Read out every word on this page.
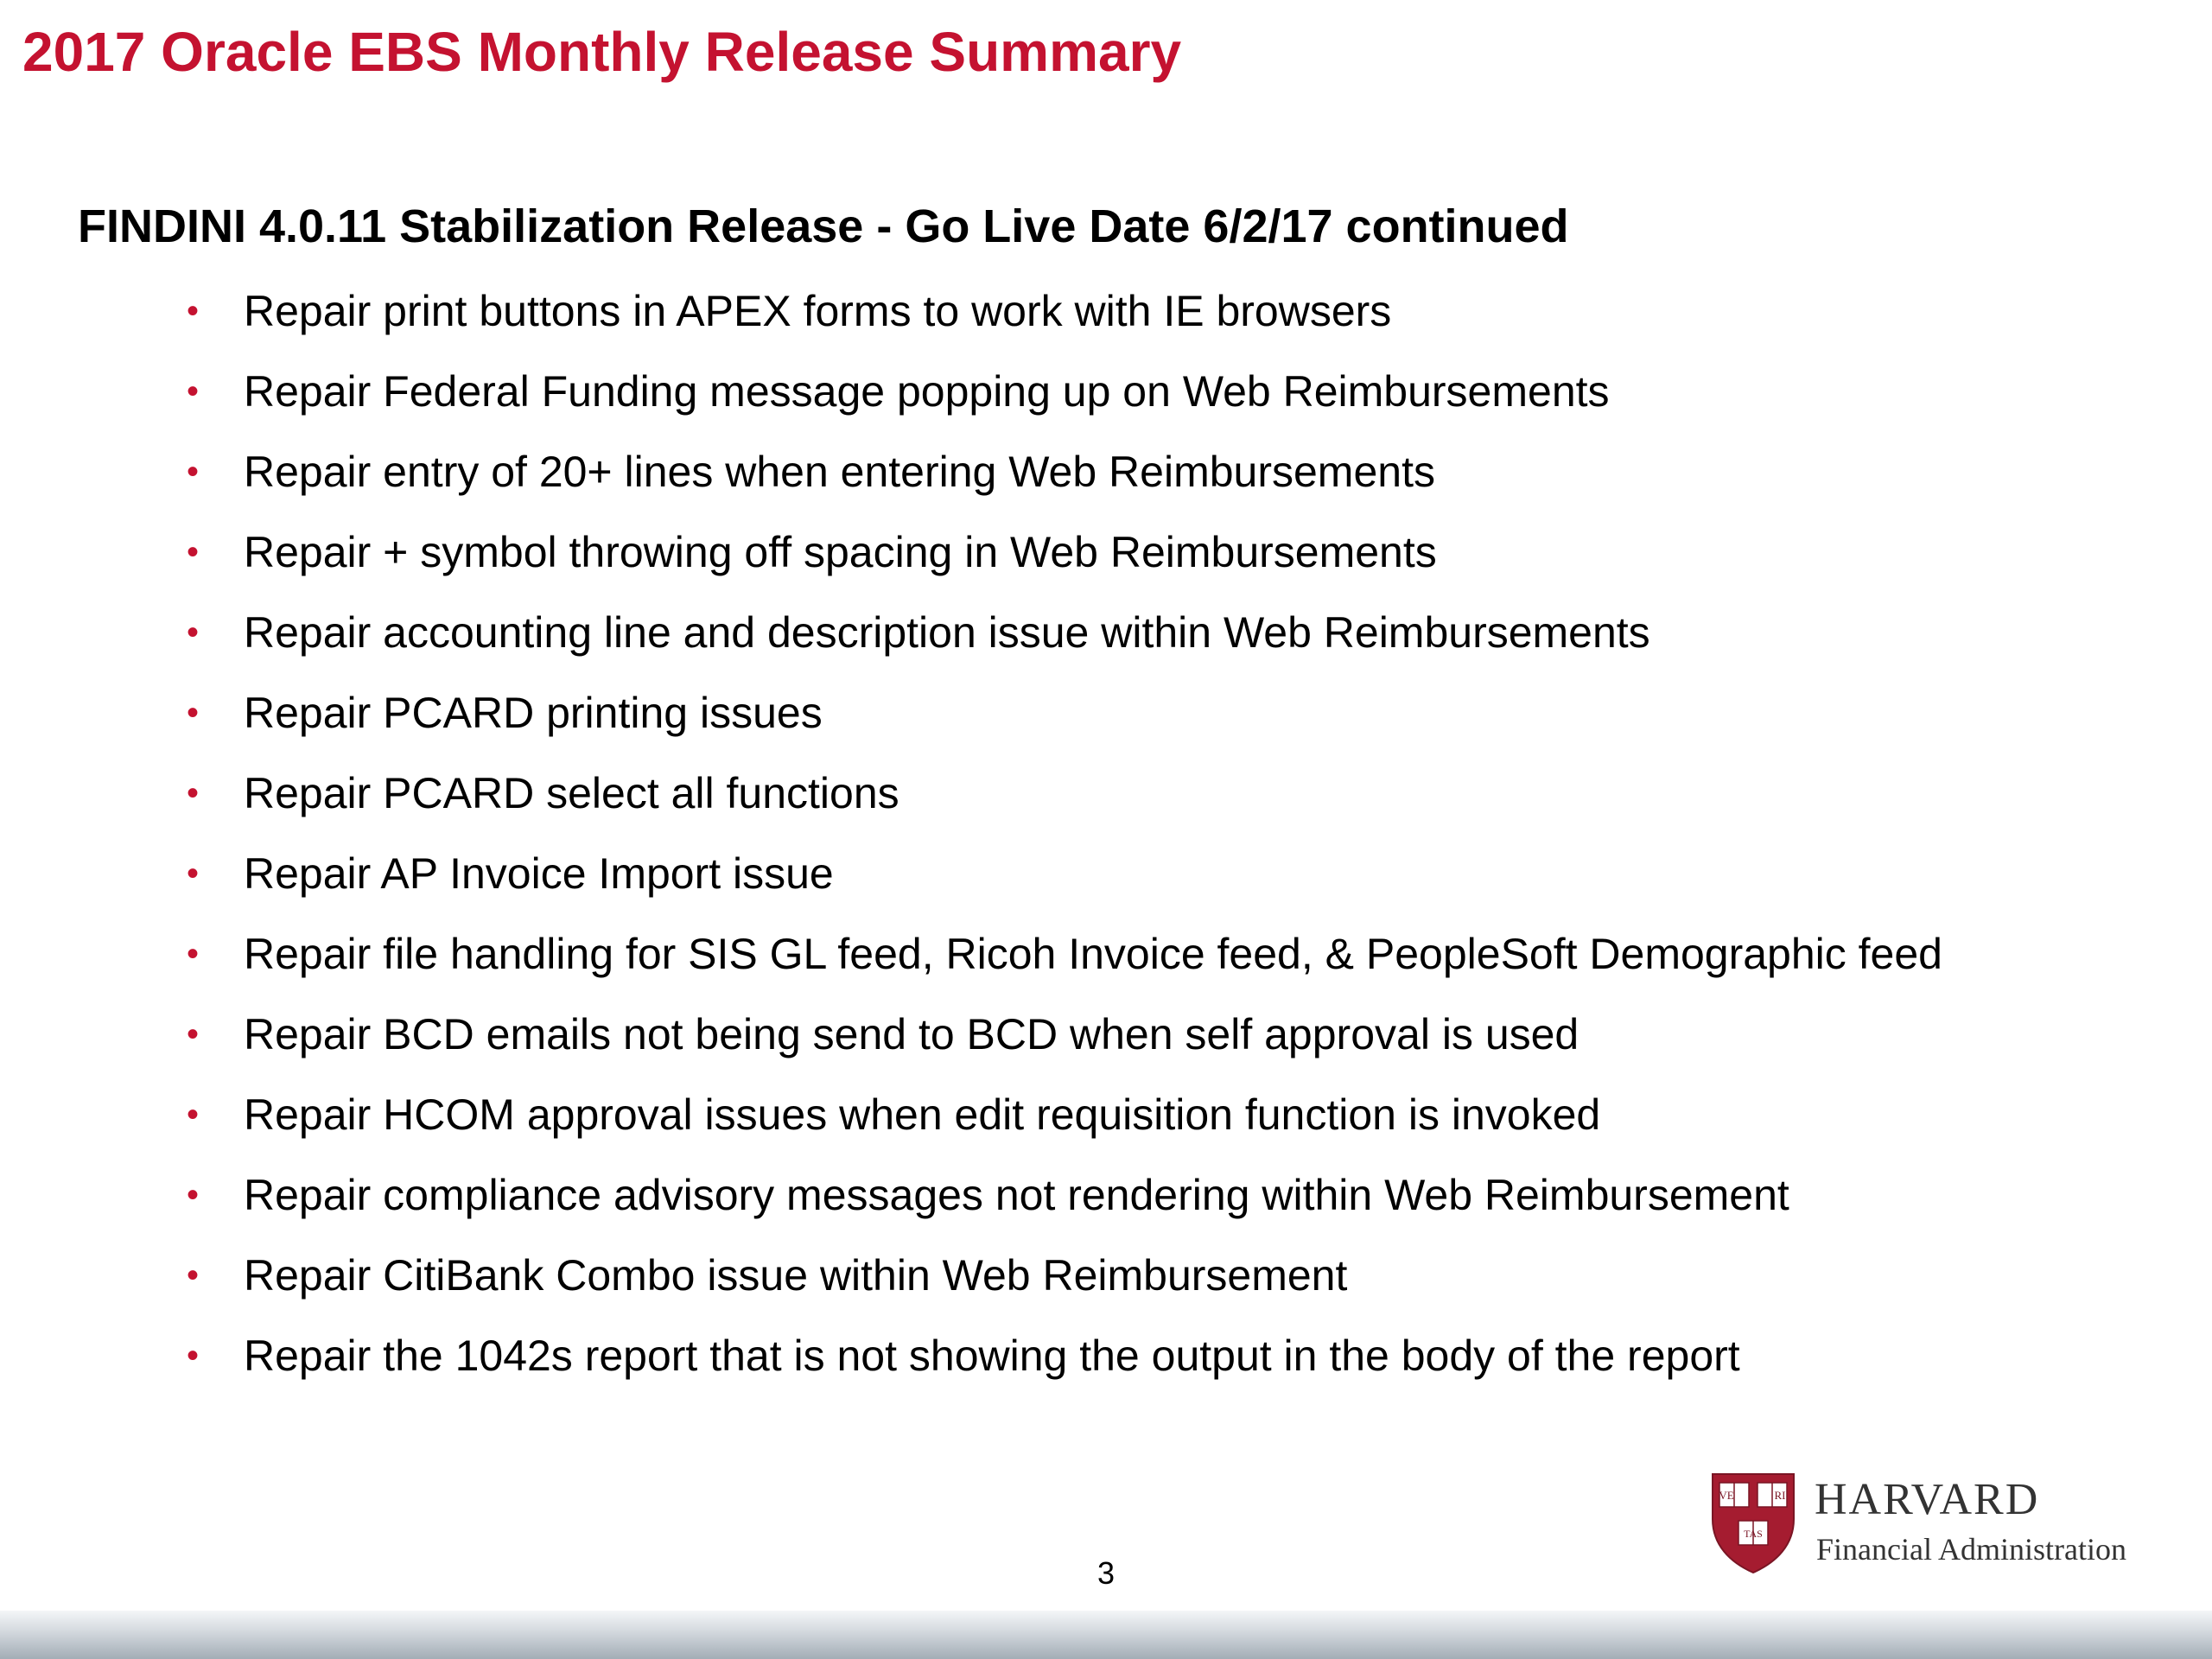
2017 Oracle EBS Monthly Release Summary
FINDINI 4.0.11 Stabilization Release - Go Live Date 6/2/17 continued
• Repair print buttons in APEX forms to work with IE browsers
• Repair Federal Funding message popping up on Web Reimbursements
• Repair entry of 20+ lines when entering Web Reimbursements
• Repair + symbol throwing off spacing in Web Reimbursements
• Repair accounting line and description issue within Web Reimbursements
• Repair PCARD printing issues
• Repair PCARD select all functions
• Repair AP Invoice Import issue
• Repair file handling for SIS GL feed, Ricoh Invoice feed, & PeopleSoft Demographic feed
• Repair BCD emails not being send to BCD when self approval is used
• Repair HCOM approval issues when edit requisition function is invoked
• Repair compliance advisory messages not rendering within Web Reimbursement
• Repair CitiBank Combo issue within Web Reimbursement
• Repair the 1042s report that is not showing the output in the body of the report
3
VE	RI
TAS
HARVARD
Financial Administration
